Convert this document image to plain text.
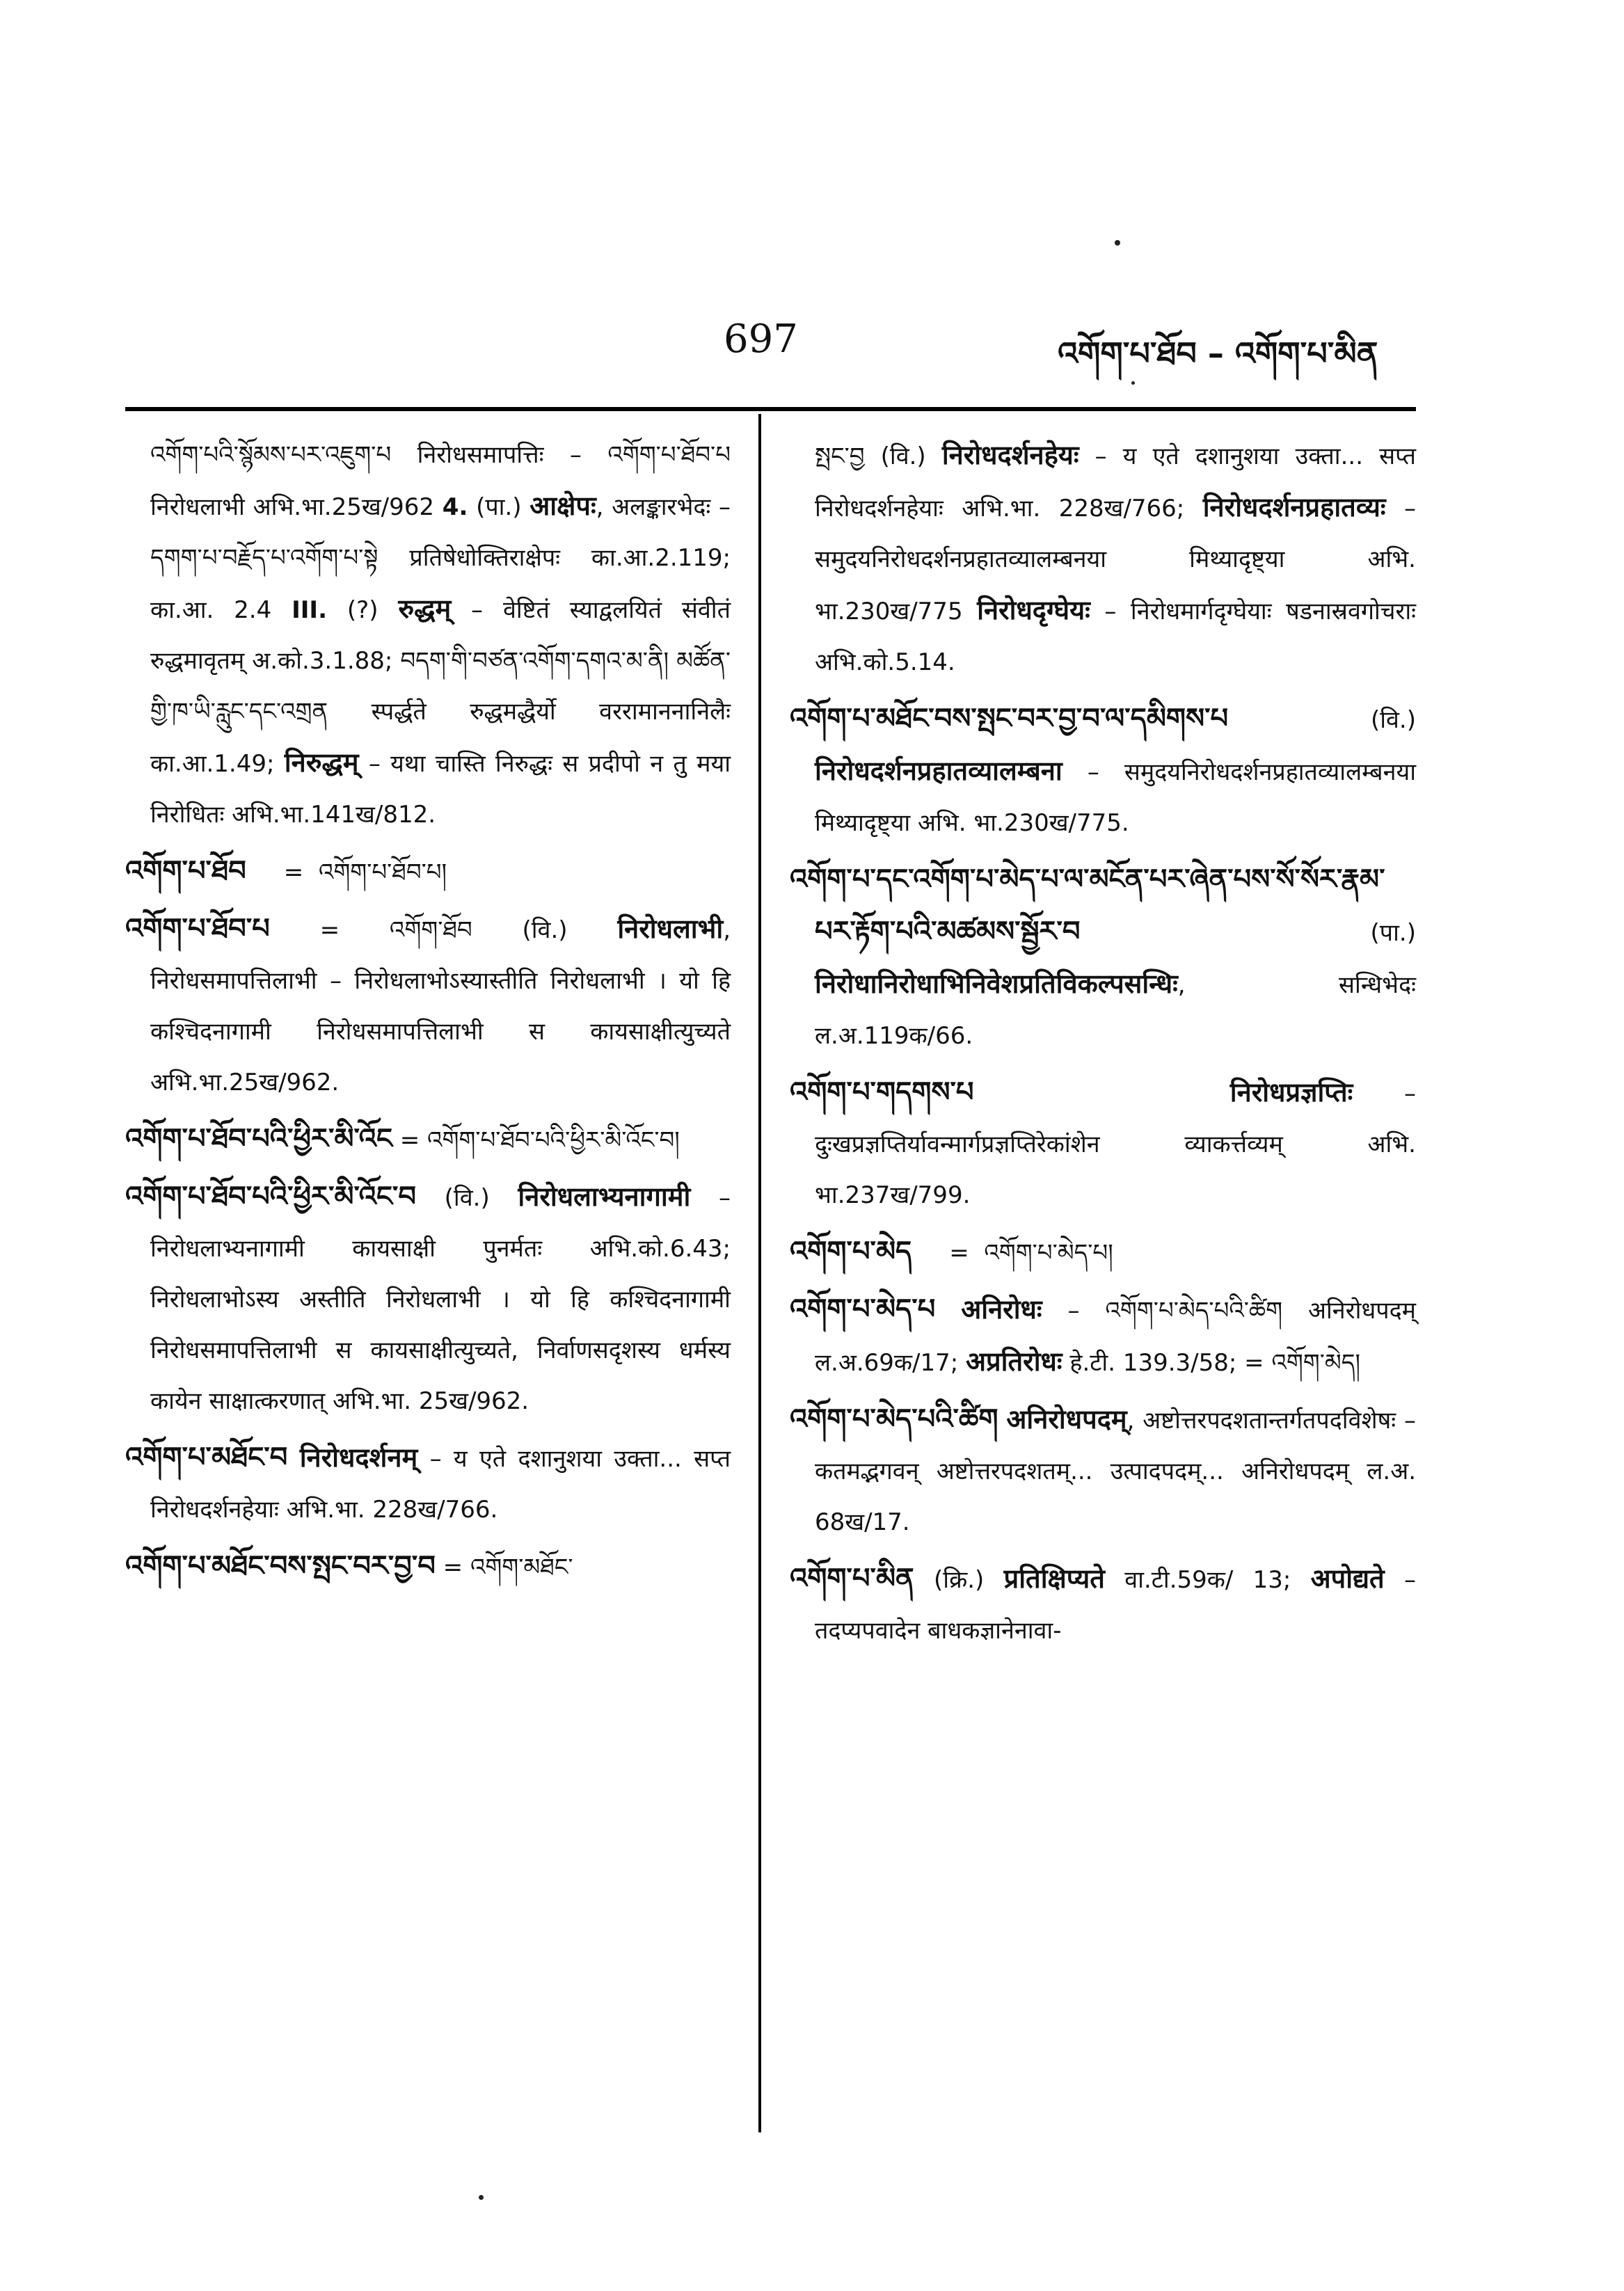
697	འགོག་པ་ཐོབ – འགོག་པ་མིན
འགོག་པའི་སྙོམས་པར་འཇུག་པ निरोधसमापत्तिः – འགོག་པ་ཐོབ་པ निरोधलाभी अभि.भा.25ख/962 4. (पा.) आक्षेपः, अलङ्कारभेदः – དགག་པ་བརྗོད་པ་འགོག་པ་སྟེ प्रतिषेधोक्तिराक्षेपः का.आ.2.119; का.आ. 2.4 III. (?) रुद्धम् – वेष्टितं स्याद्वलयितं संवीतं रुद्धमावृतम् अ.को.3.1.88; བདག་གི་བཙན་འགོག་དགའ་མ་ནི། མཚོན་གྱི་ཁ་ཡི་རླུང་དང་འགྲན स्पर्द्धते रुद्धमद्धैर्यो वररामाननानिलैः का.आ.1.49; निरुद्धम् – यथा चास्ति निरुद्धः स प्रदीपो न तु मया निरोधितः अभि.भा.141ख/812.
འགོག་པ་ཐོབ     =  འགོག་པ་ཐོབ་པ།
འགོག་པ་ཐོབ་པ = འགོག་ཐོབ (वि.) निरोधलाभी, निरोधसमापत्तिलाभी – निरोधलाभोऽस्यास्तीति निरोधलाभी । यो हि कश्चिदनागामी निरोधसमापत्तिलाभी स कायसाक्षीत्युच्यते अभि.भा.25ख/962.
འགོག་པ་ཐོབ་པའི་ཕྱིར་མི་འོང = འགོག་པ་ཐོབ་པའི་ཕྱིར་མི་འོང་བ།
འགོག་པ་ཐོབ་པའི་ཕྱིར་མི་འོང་བ (वि.) निरोधलाभ्यनागामी – निरोधलाभ्यनागामी कायसाक्षी पुनर्मतः अभि.को.6.43; निरोधलाभोऽस्य अस्तीति निरोधलाभी । यो हि कश्चिदनागामी निरोधसमापत्तिलाभी स कायसाक्षीत्युच्यते, निर्वाणसदृशस्य धर्मस्य कायेन साक्षात्करणात् अभि.भा. 25ख/962.
འགོག་པ་མཐོང་བ निरोधदर्शनम् – य एते दशानुशया उक्ता... सप्त निरोधदर्शनहेयाः अभि.भा. 228ख/766.
འགོག་པ་མཐོང་བས་སྤང་བར་བྱ་བ = འགོག་མཐོང་
སྤང་བྱ (वि.) निरोधदर्शनहेयः – य एते दशानुशया उक्ता... सप्त निरोधदर्शनहेयाः अभि.भा. 228ख/766; निरोधदर्शनप्रहातव्यः – समुदयनिरोधदर्शनप्रहातव्यालम्बनया मिथ्यादृष्ट्या अभि. भा.230ख/775 निरोधदृग्घेयः – निरोधमार्गदृग्घेयाः षडनास्रवगोचराः अभि.को.5.14.
འགོག་པ་མཐོང་བས་སྤང་བར་བྱ་བ་ལ་དམིགས་པ (वि.) निरोधदर्शनप्रहातव्यालम्बना – समुदयनिरोधदर्शनप्रहातव्यालम्बनया मिथ्यादृष्ट्या अभि. भा.230ख/775.
འགོག་པ་དང་འགོག་པ་མེད་པ་ལ་མངོན་པར་ཞེན་པས་སོ་སོར་རྣམ་པར་རྟོག་པའི་མཚམས་སྦྱོར་བ (पा.) निरोधानिरोधाभिनिवेशप्रतिविकल्पसन्धिः, सन्धिभेदः ल.अ.119क/66.
འགོག་པ་གདགས་པ	निरोधप्रज्ञप्तिः – दुःखप्रज्ञप्तिर्यावन्मार्गप्रज्ञप्तिरेकांशेन व्याकर्त्तव्यम् अभि. भा.237ख/799.
འགོག་པ་མེད     =  འགོག་པ་མེད་པ།
འགོག་པ་མེད་པ अनिरोधः – འགོག་པ་མེད་པའི་ཚིག अनिरोधपदम् ल.अ.69क/17; अप्रतिरोधः हे.टी. 139.3/58; = འགོག་མེད།
འགོག་པ་མེད་པའི་ཚིག अनिरोधपदम्, अष्टोत्तरपदशतान्तर्गतपदविशेषः – कतमद्भगवन् अष्टोत्तरपदशतम्... उत्पादपदम्... अनिरोधपदम् ल.अ. 68ख/17.
འགོག་པ་མིན (क्रि.) प्रतिक्षिप्यते वा.टी.59क/ 13; अपोद्यते – तदप्यपवादेन बाधकज्ञानेनावा-
